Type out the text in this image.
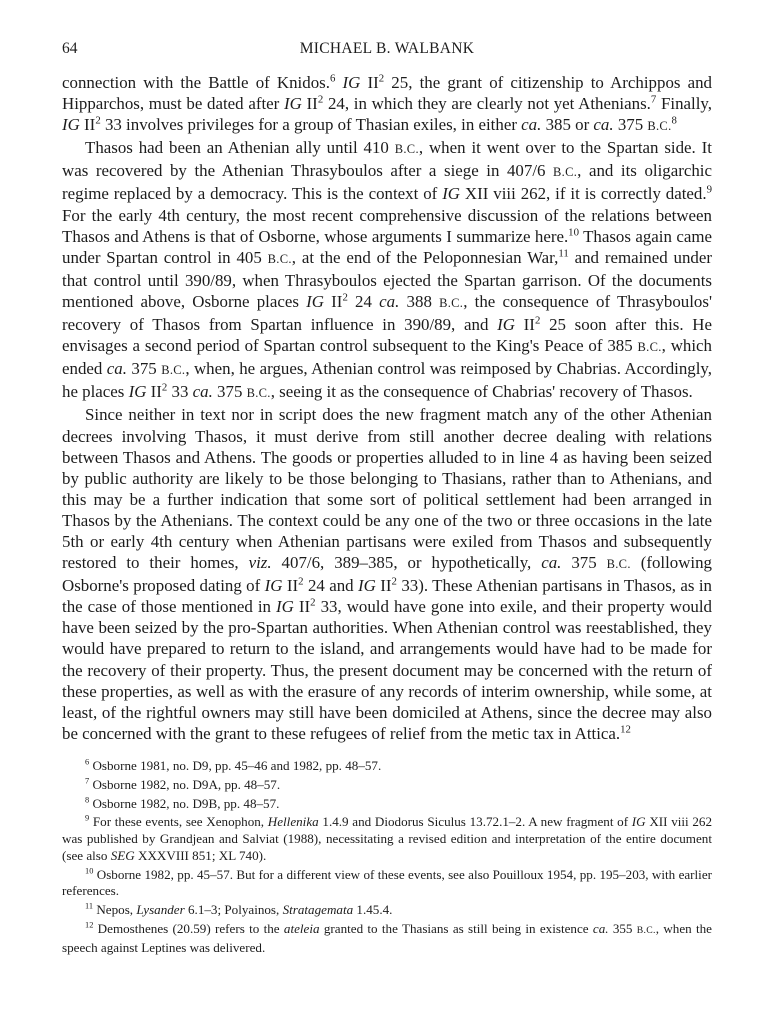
64	MICHAEL B. WALBANK

connection with the Battle of Knidos.$^6$ IG $II^2$ 25, the grant of citizenship to Archippos and Hipparchos, must be dated after IG $II^2$ 24, in which they are clearly not yet Athenians.$^7$ Finally, IG $II^2$ 33 involves privileges for a group of Thasian exiles, in either ca. 385 or ca. 375 B.C.$^8$

Thasos had been an Athenian ally until 410 B.C., when it went over to the Spartan side. It was recovered by the Athenian Thrasyboulos after a siege in 407/6 B.C., and its oligarchic regime replaced by a democracy. This is the context of IG XII viii 262, if it is correctly dated.$^9$ For the early 4th century, the most recent comprehensive discussion of the relations between Thasos and Athens is that of Osborne, whose arguments I summarize here.$^{10}$ Thasos again came under Spartan control in 405 B.C., at the end of the Peloponnesian War,$^{11}$ and remained under that control until 390/89, when Thrasyboulos ejected the Spartan garrison. Of the documents mentioned above, Osborne places IG $II^2$ 24 ca. 388 B.C., the consequence of Thrasyboulos' recovery of Thasos from Spartan influence in 390/89, and IG $II^2$ 25 soon after this. He envisages a second period of Spartan control subsequent to the King's Peace of 385 B.C., which ended ca. 375 B.C., when, he argues, Athenian control was reimposed by Chabrias. Accordingly, he places IG $II^2$ 33 ca. 375 B.C., seeing it as the consequence of Chabrias' recovery of Thasos.

Since neither in text nor in script does the new fragment match any of the other Athenian decrees involving Thasos, it must derive from still another decree dealing with relations between Thasos and Athens. The goods or properties alluded to in line 4 as having been seized by public authority are likely to be those belonging to Thasians, rather than to Athenians, and this may be a further indication that some sort of political settlement had been arranged in Thasos by the Athenians. The context could be any one of the two or three occasions in the late 5th or early 4th century when Athenian partisans were exiled from Thasos and subsequently restored to their homes, viz. 407/6, 389–385, or hypothetically, ca. 375 B.C. (following Osborne's proposed dating of IG $II^2$ 24 and IG $II^2$ 33). These Athenian partisans in Thasos, as in the case of those mentioned in IG $II^2$ 33, would have gone into exile, and their property would have been seized by the pro-Spartan authorities. When Athenian control was reestablished, they would have prepared to return to the island, and arrangements would have had to be made for the recovery of their property. Thus, the present document may be concerned with the return of these properties, as well as with the erasure of any records of interim ownership, while some, at least, of the rightful owners may still have been domiciled at Athens, since the decree may also be concerned with the grant to these refugees of relief from the metic tax in Attica.$^{12}$

$^6$ Osborne 1981, no. D9, pp. 45–46 and 1982, pp. 48–57.

$^7$ Osborne 1982, no. D9A, pp. 48–57.

$^8$ Osborne 1982, no. D9B, pp. 48–57.

$^9$ For these events, see Xenophon, Hellenika 1.4.9 and Diodorus Siculus 13.72.1–2. A new fragment of IG XII viii 262 was published by Grandjean and Salviat (1988), necessitating a revised edition and interpretation of the entire document (see also SEG XXXVIII 851; XL 740).

$^{10}$ Osborne 1982, pp. 45–57. But for a different view of these events, see also Pouilloux 1954, pp. 195–203, with earlier references.

$^{11}$ Nepos, Lysander 6.1–3; Polyainos, Stratagemata 1.45.4.

$^{12}$ Demosthenes (20.59) refers to the ateleia granted to the Thasians as still being in existence ca. 355 B.C., when the speech against Leptines was delivered.
